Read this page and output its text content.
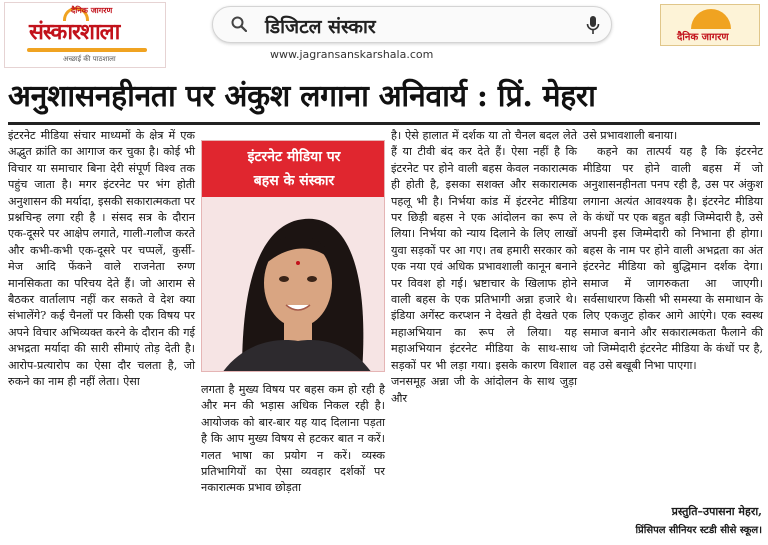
दैनिक जागरण
संस्कारशाला
अच्छाई की पाठशाला
डिजिटल संस्कार
www.jagransanskarshala.com
दैनिक जागरण
अनुशासनहीनता पर अंकुश लगाना अनिवार्य : प्रिं. मेहरा

इंटरनेट मीडिया संचार माध्यमों के क्षेत्र में एक अद्भुत क्रांति का आगाज कर चुका है। कोई भी विचार या समाचार बिना देरी संपूर्ण विश्व तक पहुंच जाता है। मगर इंटरनेट पर भंग होती अनुशासन की मर्यादा, इसकी सकारात्मकता पर प्रश्नचिन्ह लगा रही है । संसद सत्र के दौरान एक-दूसरे पर आक्षेप लगाते, गाली-गलौज करते और कभी-कभी एक-दूसरे पर चप्पलें, कुर्सी-मेज आदि फेंकने वाले राजनेता रुग्ण मानसिकता का परिचय देते हैं। जो आराम से बैठकर वार्तालाप नहीं कर सकते वे देश क्या संभालेंगे? कई चैनलों पर किसी एक विषय पर अपने विचार अभिव्यक्त करने के दौरान की गई अभद्रता मर्यादा की सारी सीमाएं तोड़ देती है। आरोप-प्रत्यारोप का ऐसा दौर चलता है, जो रुकने का नाम ही नहीं लेता। ऐसा

इंटरनेट मीडिया पर
बहस के संस्कार

लगता है मुख्य विषय पर बहस कम हो रही है और मन की भड़ास अधिक निकल रही है। आयोजक को बार-बार यह याद दिलाना पड़ता है कि आप मुख्य विषय से हटकर बात न करें। गलत भाषा का प्रयोग न करें। व्यस्क प्रतिभागियों का ऐसा व्यवहार दर्शकों पर नकारात्मक प्रभाव छोड़ता

है। ऐसे हालात में दर्शक या तो चैनल बदल लेते हैं या टीवी बंद कर देते हैं। ऐसा नहीं है कि इंटरनेट पर होने वाली बहस केवल नकारात्मक ही होती है, इसका सशक्त और सकारात्मक पहलू भी है। निर्भया कांड में इंटरनेट मीडिया पर छिड़ी बहस ने एक आंदोलन का रूप ले लिया। निर्भया को न्याय दिलाने के लिए लाखों युवा सड़कों पर आ गए। तब हमारी सरकार को एक नया एवं अधिक प्रभावशाली कानून बनाने पर विवश हो गई। भ्रष्टाचार के खिलाफ होने वाली बहस के एक प्रतिभागी अन्ना हजारे थे। इंडिया अगेंस्ट करप्शन ने देखते ही देखते एक महाअभियान का रूप ले लिया। यह महाअभियान इंटरनेट मीडिया के साथ-साथ सड़कों पर भी लड़ा गया। इसके कारण विशाल जनसमूह अन्ना जी के आंदोलन के साथ जुड़ा और

उसे प्रभावशाली बनाया।

कहने का तात्पर्य यह है कि इंटरनेट मीडिया पर होने वाली बहस में जो अनुशासनहीनता पनप रही है, उस पर अंकुश लगाना अत्यंत आवश्यक है। इंटरनेट मीडिया के कंधों पर एक बहुत बड़ी जिम्मेदारी है, उसे अपनी इस जिम्मेदारी को निभाना ही होगा। बहस के नाम पर होने वाली अभद्रता का अंत इंटरनेट मीडिया को बुद्धिमान दर्शक देगा। समाज में जागरुकता आ जाएगी। सर्वसाधारण किसी भी समस्या के समाधान के लिए एकजुट होकर आगे आएंगे। एक स्वस्थ समाज बनाने और सकारात्मकता फैलाने की जो जिम्मेदारी इंटरनेट मीडिया के कंधों पर है, वह उसे बखूबी निभा पाएगा।

प्रस्तुति–उपासना मेहरा,
प्रिंसिपल सीनियर स्टडी सीसे स्कूल।
